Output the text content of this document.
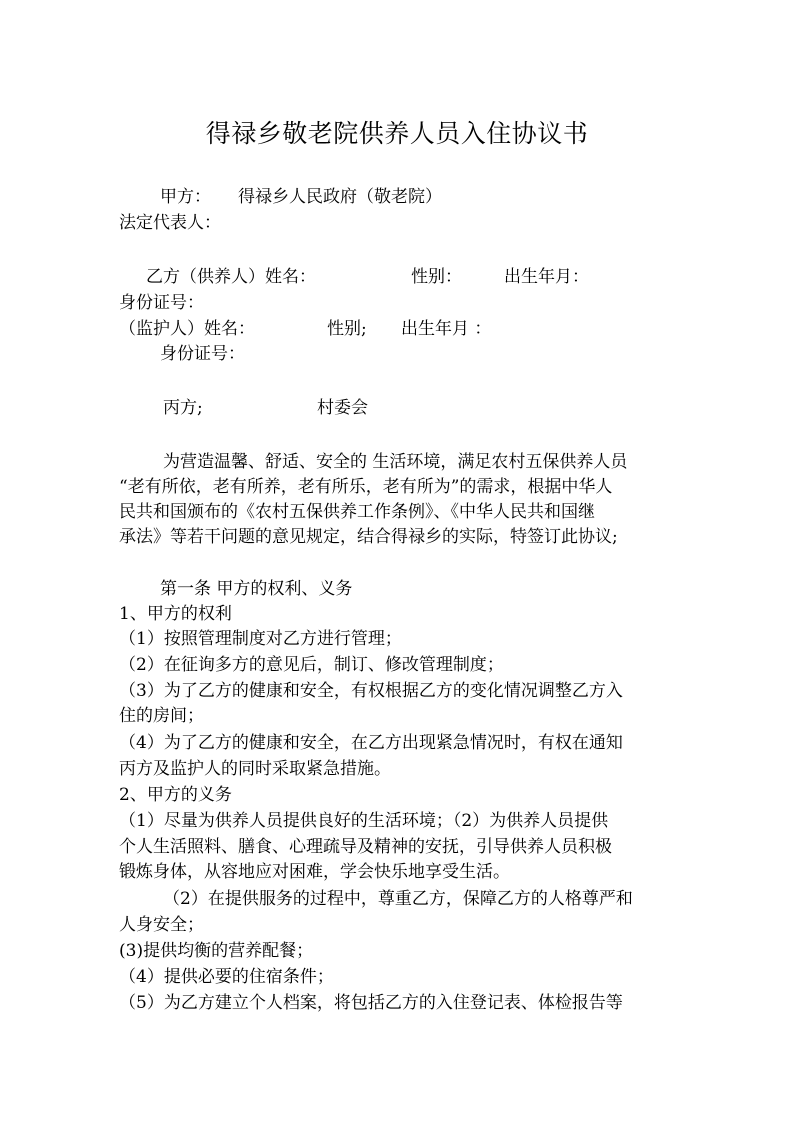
得禄乡敬老院供养人员入住协议书
甲方： 得禄乡人民政府（敬老院）
法定代表人：
乙方（供养人）姓名：	性别： 出生年月：
身份证号：
（监护人）姓名：	性别; 出生年月 ：
身份证号：
丙方;	村委会
为营造温馨、舒适、安全的 生活环境，满足农村五保供养人员
“老有所依，老有所养，老有所乐，老有所为”的需求，根据中华人
民共和国颁布的《农村五保供养工作条例》、《中华人民共和国继
承法》等若干问题的意见规定，结合得禄乡的实际，特签订此协议;
第一条 甲方的权利、义务
1、甲方的权利
（1）按照管理制度对乙方进行管理；
（2）在征询多方的意见后，制订、修改管理制度；
（3）为了乙方的健康和安全，有权根据乙方的变化情况调整乙方入
住的房间；
（4）为了乙方的健康和安全，在乙方出现紧急情况时，有权在通知
丙方及监护人的同时采取紧急措施。
2、甲方的义务
（1）尽量为供养人员提供良好的生活环境；（2）为供养人员提供
个人生活照料、膳食、心理疏导及精神的安抚，引导供养人员积极
锻炼身体，从容地应对困难，学会快乐地享受生活。
（2）在提供服务的过程中，尊重乙方，保障乙方的人格尊严和
人身安全；
(3)提供均衡的营养配餐；
（4）提供必要的住宿条件；
（5）为乙方建立个人档案，将包括乙方的入住登记表、体检报告等
